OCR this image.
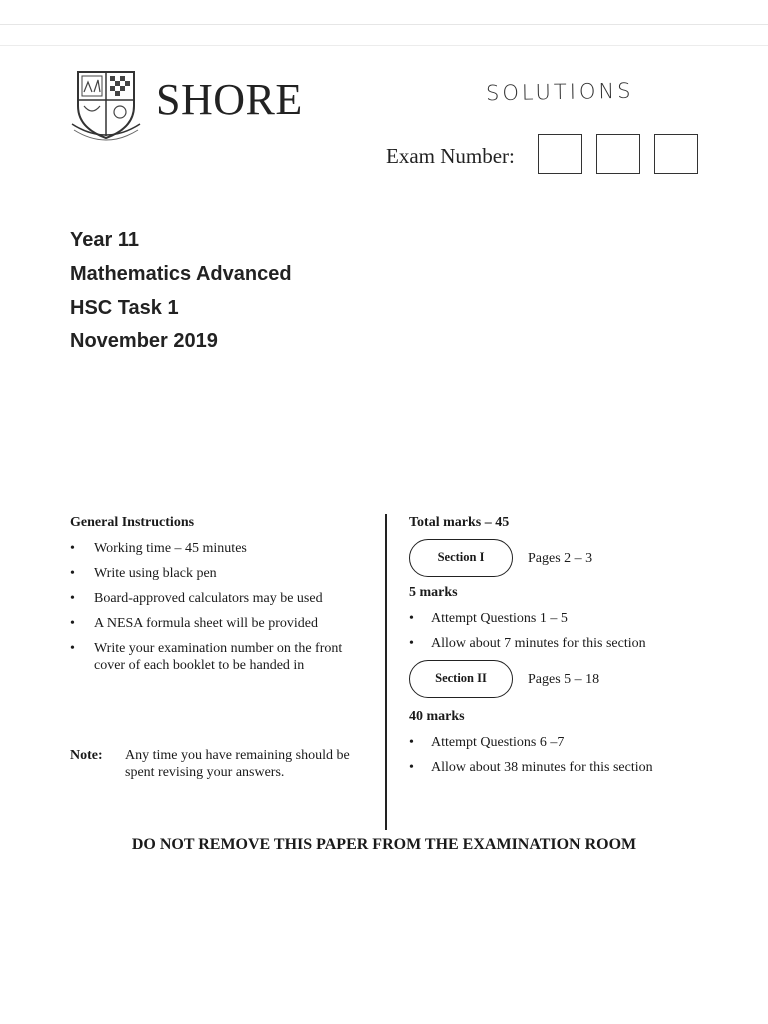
SHORE	SOLUTIONS
Exam Number:
Year 11
Mathematics Advanced
HSC Task 1
November 2019
General Instructions
• Working time – 45 minutes
• Write using black pen
• Board-approved calculators may be used
• A NESA formula sheet will be provided
• Write your examination number on the front cover of each booklet to be handed in
Note: Any time you have remaining should be spent revising your answers.
Total marks – 45
Section I	Pages 2 – 3
5 marks
• Attempt Questions 1 – 5
• Allow about 7 minutes for this section
Section II	Pages 5 – 18
40 marks
• Attempt Questions 6 –7
• Allow about 38 minutes for this section
DO NOT REMOVE THIS PAPER FROM THE EXAMINATION ROOM
